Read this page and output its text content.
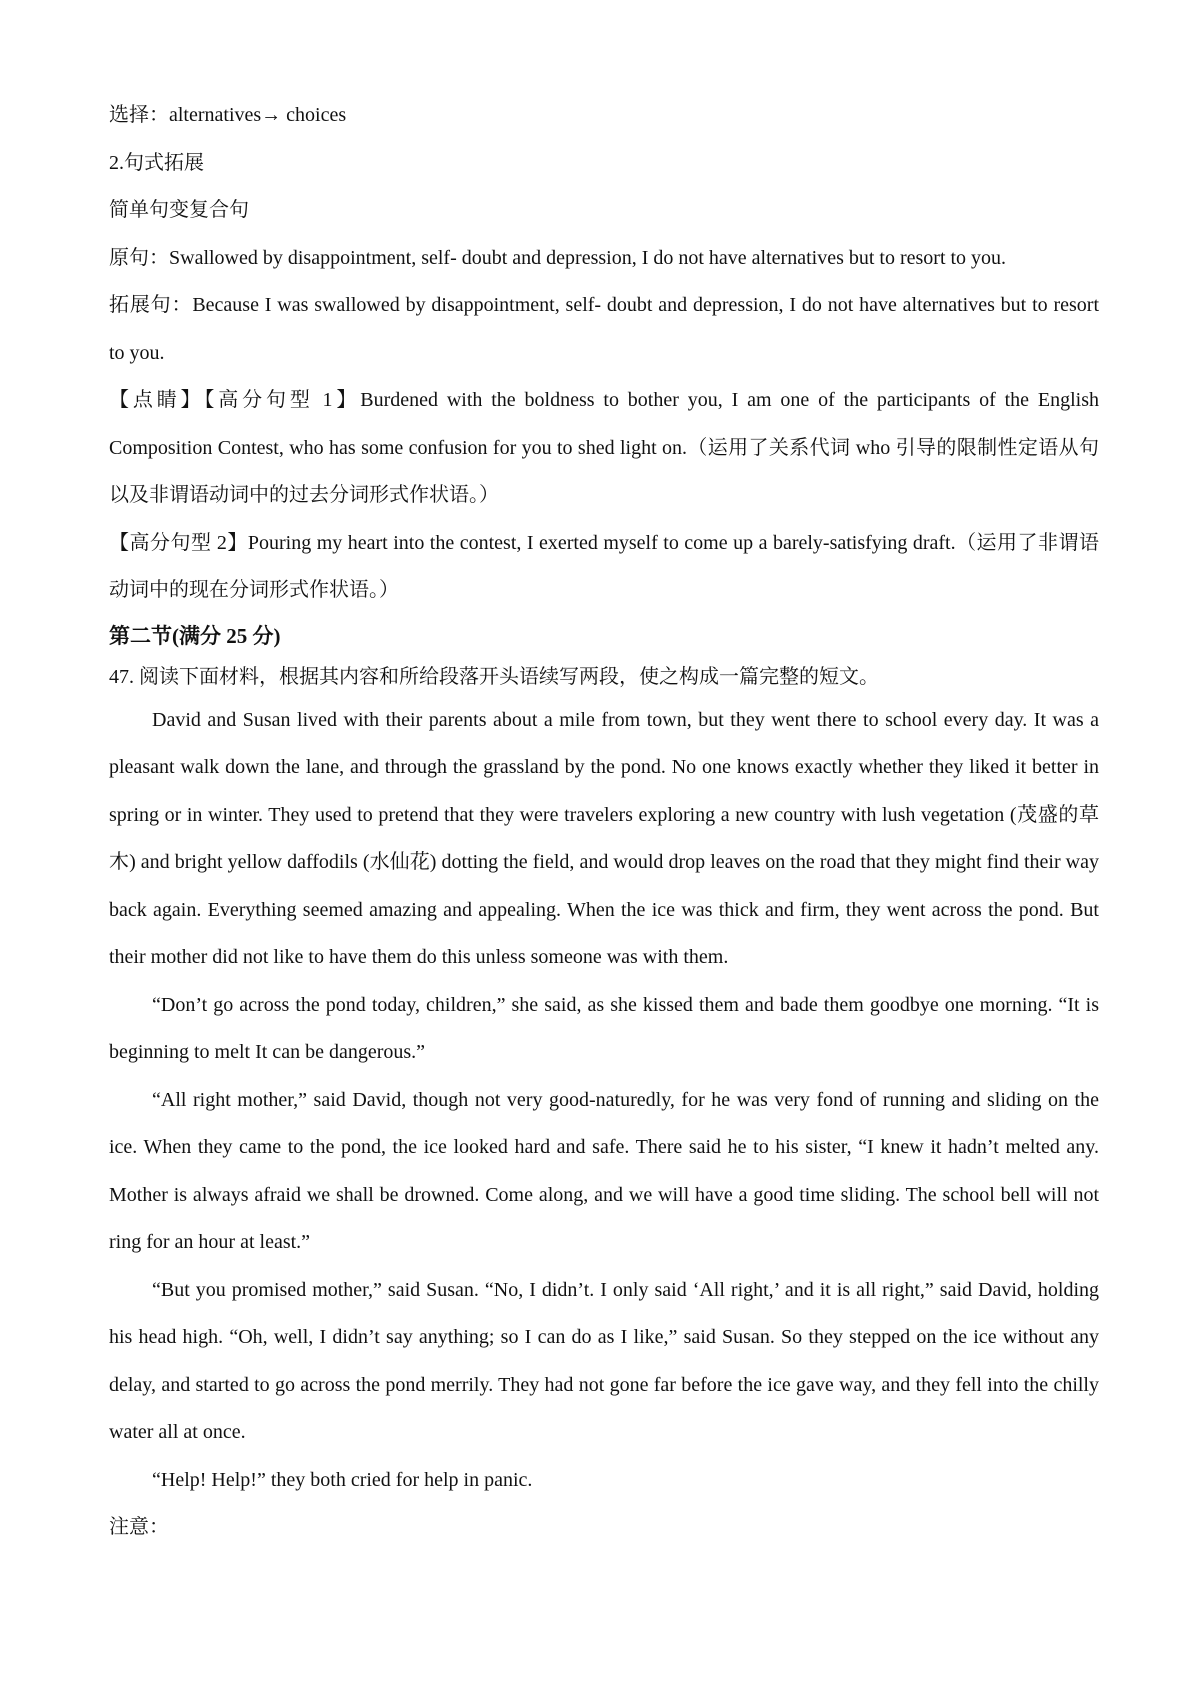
选择：alternatives→ choices

2.句式拓展

简单句变复合句

原句：Swallowed by disappointment, self- doubt and depression, I do not have alternatives but to resort to you.

拓展句：Because I was swallowed by disappointment, self- doubt and depression, I do not have alternatives but to resort to you.

【点睛】【高分句型 1】Burdened with the boldness to bother you, I am one of the participants of the English Composition Contest, who has some confusion for you to shed light on.（运用了关系代词 who 引导的限制性定语从句以及非谓语动词中的过去分词形式作状语。）

【高分句型 2】Pouring my heart into the contest, I exerted myself to come up a barely-satisfying draft.（运用了非谓语动词中的现在分词形式作状语。）

第二节(满分 25 分)

47. 阅读下面材料，根据其内容和所给段落开头语续写两段，使之构成一篇完整的短文。

David and Susan lived with their parents about a mile from town, but they went there to school every day. It was a pleasant walk down the lane, and through the grassland by the pond. No one knows exactly whether they liked it better in spring or in winter. They used to pretend that they were travelers exploring a new country with lush vegetation (茂盛的草木) and bright yellow daffodils (水仙花) dotting the field, and would drop leaves on the road that they might find their way back again. Everything seemed amazing and appealing. When the ice was thick and firm, they went across the pond. But their mother did not like to have them do this unless someone was with them.

“Don’t go across the pond today, children,” she said, as she kissed them and bade them goodbye one morning. “It is beginning to melt It can be dangerous.”

“All right mother,” said David, though not very good-naturedly, for he was very fond of running and sliding on the ice. When they came to the pond, the ice looked hard and safe. There said he to his sister, “I knew it hadn’t melted any. Mother is always afraid we shall be drowned. Come along, and we will have a good time sliding. The school bell will not ring for an hour at least.”

“But you promised mother,” said Susan. “No, I didn’t. I only said ‘All right,’ and it is all right,” said David, holding his head high. “Oh, well, I didn’t say anything; so I can do as I like,” said Susan. So they stepped on the ice without any delay, and started to go across the pond merrily. They had not gone far before the ice gave way, and they fell into the chilly water all at once.

“Help! Help!” they both cried for help in panic.

注意：
